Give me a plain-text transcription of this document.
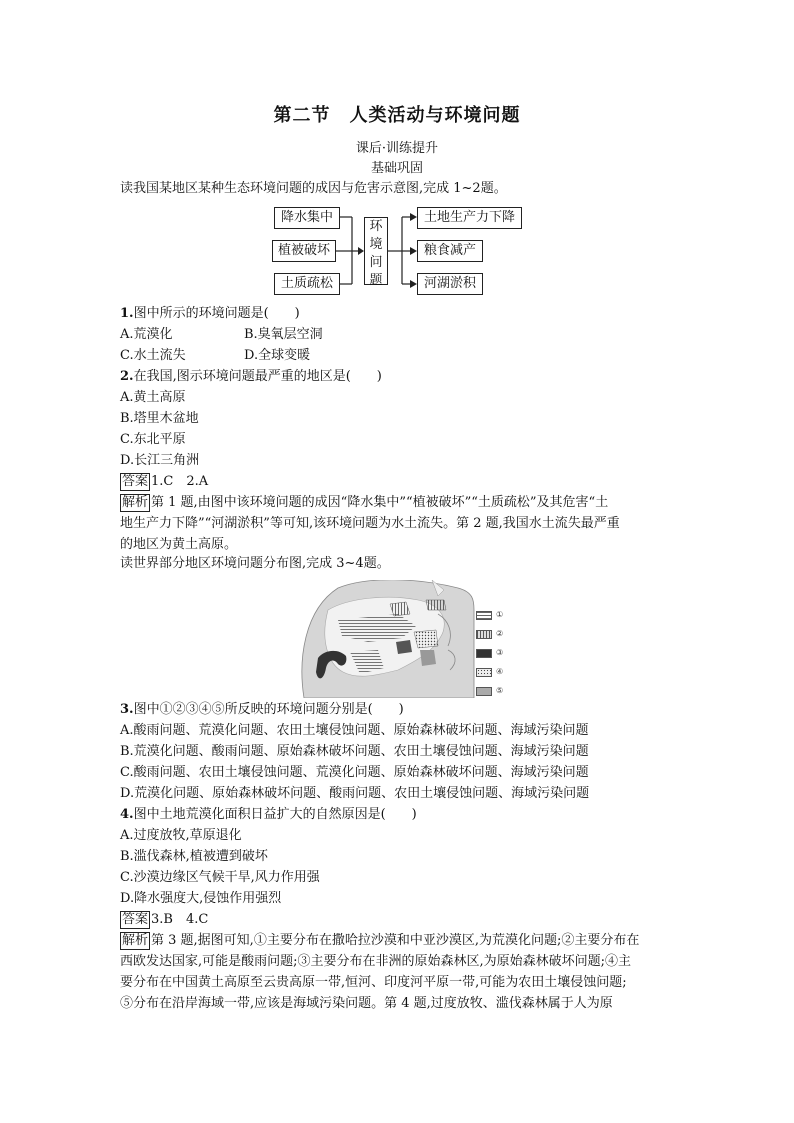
第二节　人类活动与环境问题
课后·训练提升
基础巩固
读我国某地区某种生态环境问题的成因与危害示意图,完成 1~2题。
降水集中
植被破坏
土质疏松
环
境
问
题
土地生产力下降
粮食减产
河湖淤积
1.图中所示的环境问题是(　　)
A.荒漠化	B.臭氧层空洞
C.水土流失	D.全球变暖
2.在我国,图示环境问题最严重的地区是(　　)
A.黄土高原
B.塔里木盆地
C.东北平原
D.长江三角洲
答案 1.C　2.A
解析 第 1 题,由图中该环境问题的成因“降水集中”“植被破坏”“土质疏松”及其危害“土
地生产力下降”“河湖淤积”等可知,该环境问题为水土流失。第 2 题,我国水土流失最严重
的地区为黄土高原。
读世界部分地区环境问题分布图,完成 3~4题。
①
②
③
④
⑤
3.图中①②③④⑤所反映的环境问题分别是(　　)
A.酸雨问题、荒漠化问题、农田土壤侵蚀问题、原始森林破坏问题、海域污染问题
B.荒漠化问题、酸雨问题、原始森林破坏问题、农田土壤侵蚀问题、海域污染问题
C.酸雨问题、农田土壤侵蚀问题、荒漠化问题、原始森林破坏问题、海域污染问题
D.荒漠化问题、原始森林破坏问题、酸雨问题、农田土壤侵蚀问题、海域污染问题
4.图中土地荒漠化面积日益扩大的自然原因是(　　)
A.过度放牧,草原退化
B.滥伐森林,植被遭到破坏
C.沙漠边缘区气候干旱,风力作用强
D.降水强度大,侵蚀作用强烈
答案 3.B　4.C
解析 第 3 题,据图可知,①主要分布在撒哈拉沙漠和中亚沙漠区,为荒漠化问题;②主要分布在
西欧发达国家,可能是酸雨问题;③主要分布在非洲的原始森林区,为原始森林破坏问题;④主
要分布在中国黄土高原至云贵高原一带,恒河、印度河平原一带,可能为农田土壤侵蚀问题;
⑤分布在沿岸海域一带,应该是海域污染问题。第 4 题,过度放牧、滥伐森林属于人为原
